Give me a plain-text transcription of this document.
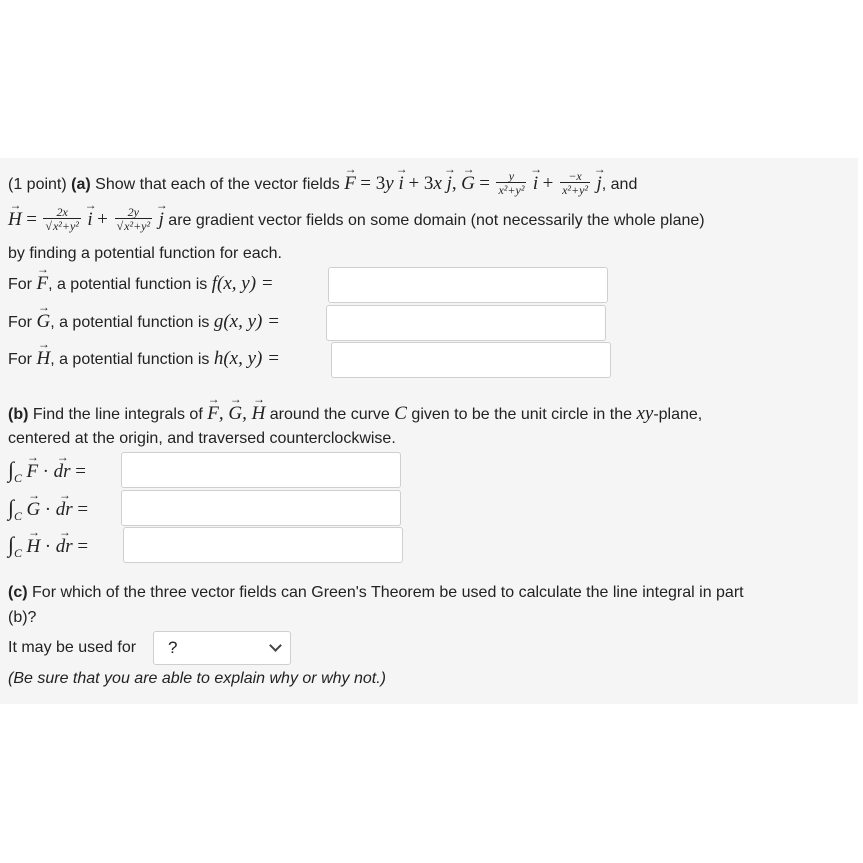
(1 point) (a) Show that each of the vector fields → F = 3y → i + 3x → j, → $G = \frac{y}{\text{x²+y²}}$
→ $i + \frac{-x}{\text{x²+y²}}$
→ j, and
→ $H = \frac{2x}{\text{√x²+y²}}$
→ $i + \frac{2y}{\text{√x²+y²}}$
→ j are gradient vector fields on some domain (not necessarily the whole plane)
by finding a potential function for each.
For → F, a potential function is f(x, y) =
For → G, a potential function is g(x, y) =
For → H, a potential function is h(x, y) =
(b) Find the line integrals of → F, → G, → H around the curve C given to be the unit circle in the xy-plane,
centered at the origin, and traversed counterclockwise.
$\int_C \to F$ · → dr =
$\int_C \to G$ · → dr =
$\int_C \to H$ · → dr =
(c) For which of the three vector fields can Green's Theorem be used to calculate the line integral in part
(b)?
It may be used for	?
(Be sure that you are able to explain why or why not.)
